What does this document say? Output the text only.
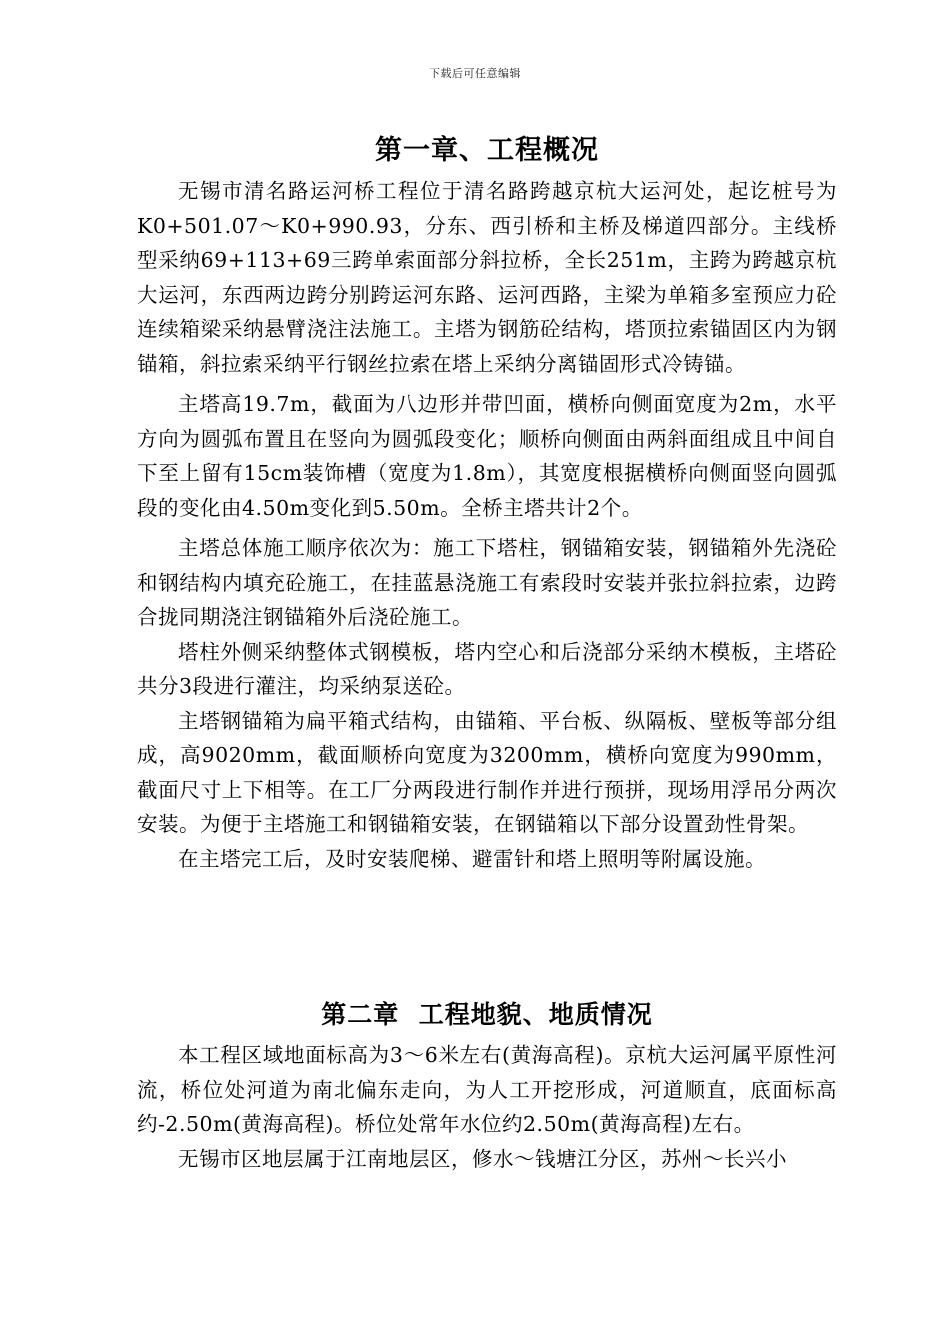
下载后可任意编辑
第一章、工程概况

无锡市清名路运河桥工程位于清名路跨越京杭大运河处，起讫桩号为K0+501.07～K0+990.93，分东、西引桥和主桥及梯道四部分。主线桥型采纳69+113+69三跨单索面部分斜拉桥，全长251m，主跨为跨越京杭大运河，东西两边跨分别跨运河东路、运河西路，主梁为单箱多室预应力砼连续箱梁采纳悬臂浇注法施工。主塔为钢筋砼结构，塔顶拉索锚固区内为钢锚箱，斜拉索采纳平行钢丝拉索在塔上采纳分离锚固形式冷铸锚。

主塔高19.7m，截面为八边形并带凹面，横桥向侧面宽度为2m，水平方向为圆弧布置且在竖向为圆弧段变化；顺桥向侧面由两斜面组成且中间自下至上留有15cm装饰槽（宽度为1.8m），其宽度根据横桥向侧面竖向圆弧段的变化由4.50m变化到5.50m。全桥主塔共计2个。

主塔总体施工顺序依次为：施工下塔柱，钢锚箱安装，钢锚箱外先浇砼和钢结构内填充砼施工，在挂蓝悬浇施工有索段时安装并张拉斜拉索，边跨合拢同期浇注钢锚箱外后浇砼施工。

塔柱外侧采纳整体式钢模板，塔内空心和后浇部分采纳木模板，主塔砼共分3段进行灌注，均采纳泵送砼。

主塔钢锚箱为扁平箱式结构，由锚箱、平台板、纵隔板、壁板等部分组成，高9020mm，截面顺桥向宽度为3200mm，横桥向宽度为990mm，截面尺寸上下相等。在工厂分两段进行制作并进行预拼，现场用浮吊分两次安装。为便于主塔施工和钢锚箱安装，在钢锚箱以下部分设置劲性骨架。

在主塔完工后，及时安装爬梯、避雷针和塔上照明等附属设施。

第二章  工程地貌、地质情况

本工程区域地面标高为3～6米左右(黄海高程)。京杭大运河属平原性河流，桥位处河道为南北偏东走向，为人工开挖形成，河道顺直，底面标高约-2.50m(黄海高程)。桥位处常年水位约2.50m(黄海高程)左右。

无锡市区地层属于江南地层区，修水～钱塘江分区，苏州～长兴小
